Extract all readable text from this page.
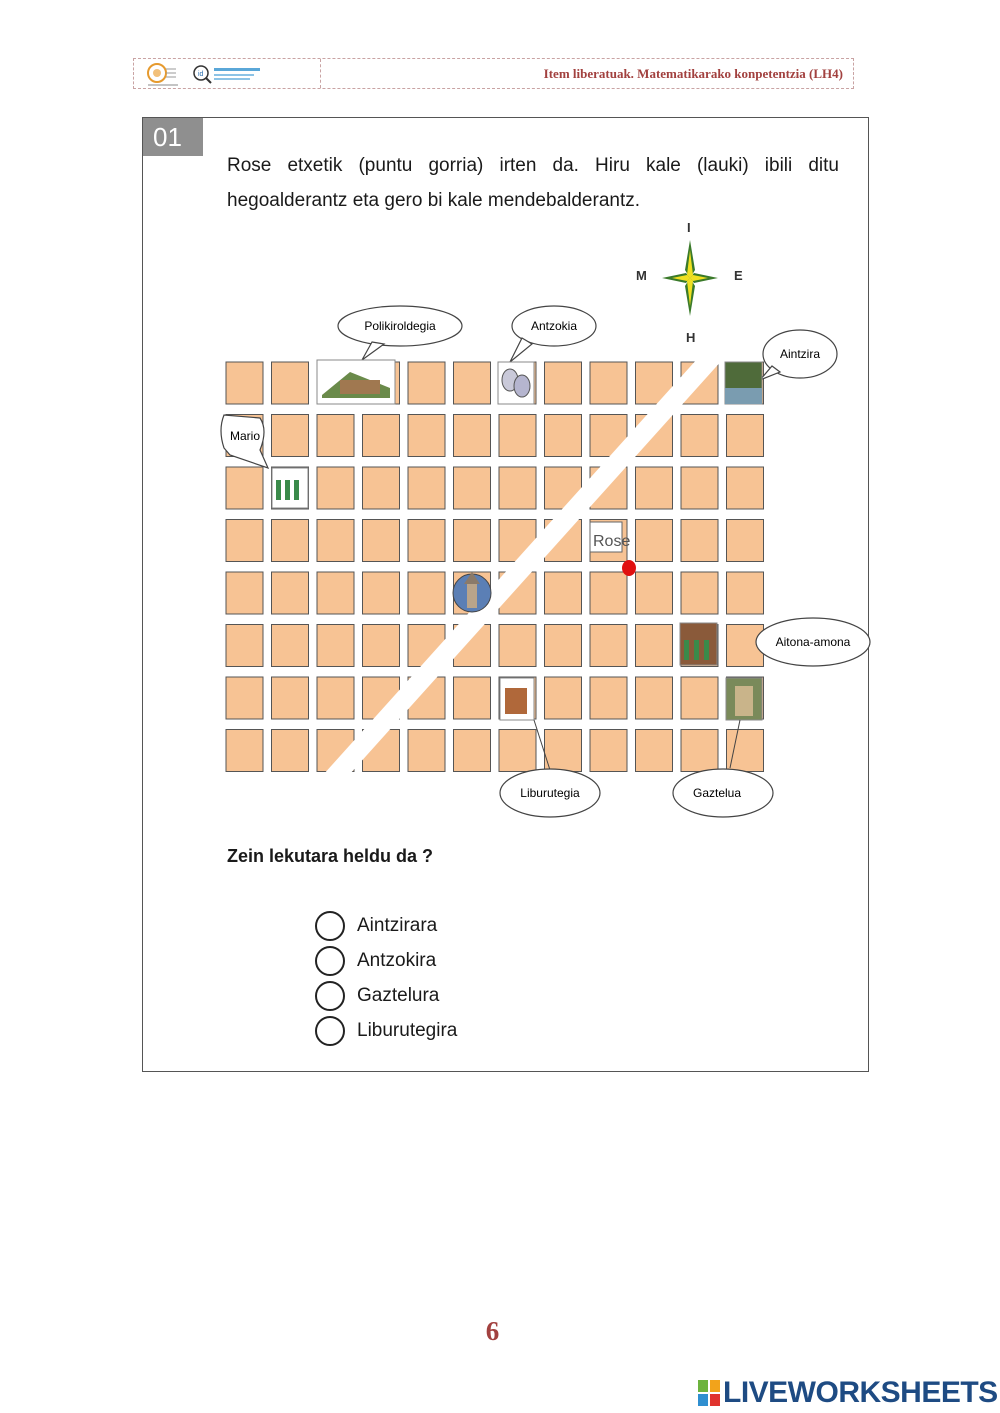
id	Item liberatuak. Matematikarako konpetentzia (LH4)
01
Rose etxetik (puntu gorria) irten da. Hiru kale (lauki) ibili ditu hegoalderantz eta gero bi kale mendebalderantz.
Zein lekutara heldu da ?
Aintzirara
Antzokira
Gaztelura
Liburutegira
I
M	E
H
Polikiroldegia	Antzokia
Aintzira
Mario
Rose
Aitona-amona
Liburutegia	Gaztelua
6
LIVEWORKSHEETS
